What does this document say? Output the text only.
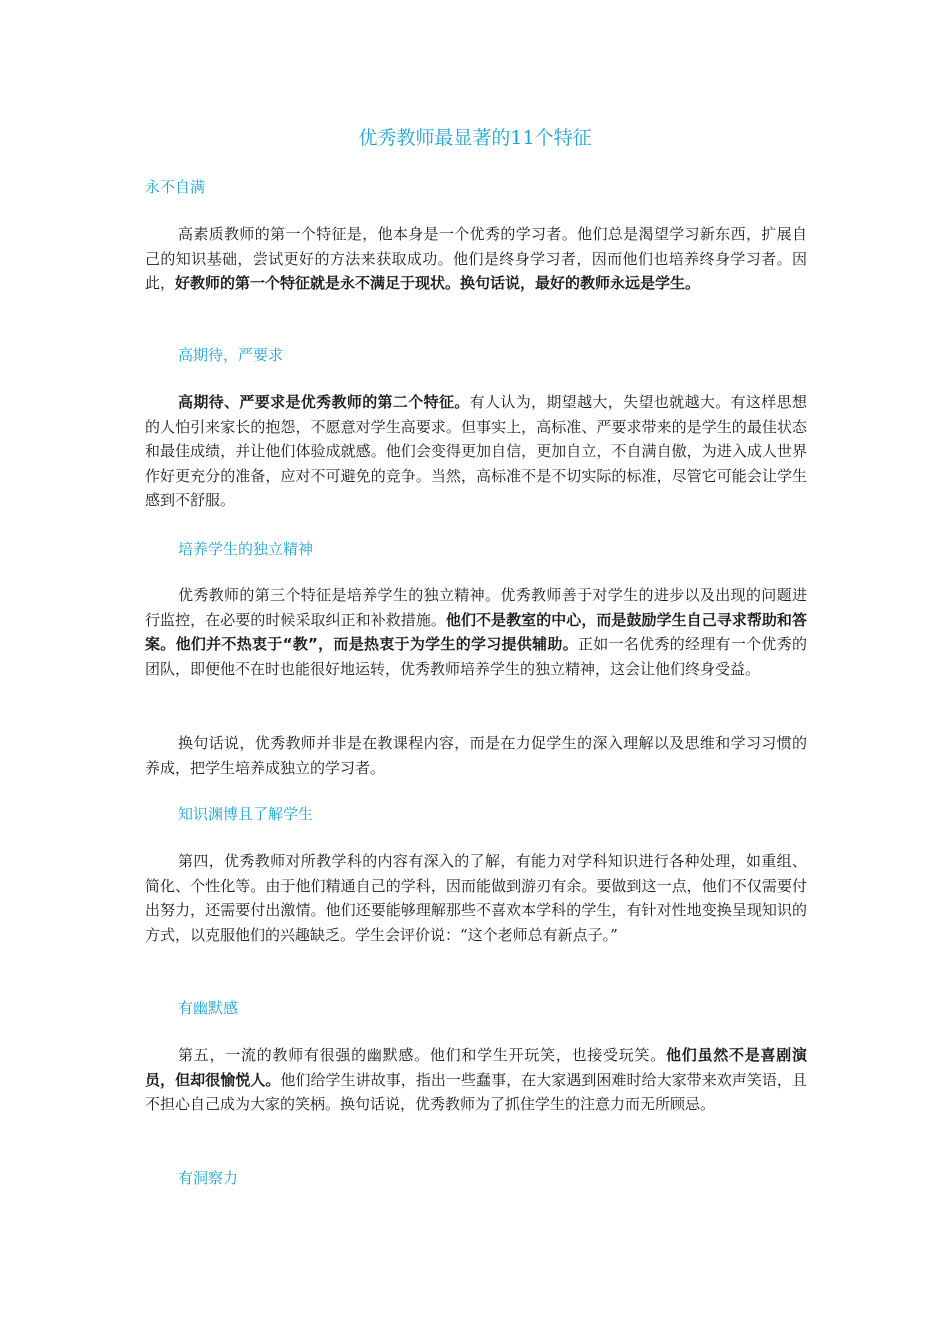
优秀教师最显著的11个特征
永不自满

高素质教师的第一个特征是，他本身是一个优秀的学习者。他们总是渴望学习新东西，扩展自己的知识基础，尝试更好的方法来获取成功。他们是终身学习者，因而他们也培养终身学习者。因此，好教师的第一个特征就是永不满足于现状。换句话说，最好的教师永远是学生。

高期待，严要求

高期待、严要求是优秀教师的第二个特征。有人认为，期望越大，失望也就越大。有这样思想的人怕引来家长的抱怨，不愿意对学生高要求。但事实上，高标准、严要求带来的是学生的最佳状态和最佳成绩，并让他们体验成就感。他们会变得更加自信，更加自立，不自满自傲，为进入成人世界作好更充分的准备，应对不可避免的竞争。当然，高标准不是不切实际的标准，尽管它可能会让学生感到不舒服。

培养学生的独立精神

优秀教师的第三个特征是培养学生的独立精神。优秀教师善于对学生的进步以及出现的问题进行监控，在必要的时候采取纠正和补救措施。他们不是教室的中心，而是鼓励学生自己寻求帮助和答案。他们并不热衷于“教”，而是热衷于为学生的学习提供辅助。正如一名优秀的经理有一个优秀的团队，即便他不在时也能很好地运转，优秀教师培养学生的独立精神，这会让他们终身受益。

换句话说，优秀教师并非是在教课程内容，而是在力促学生的深入理解以及思维和学习习惯的养成，把学生培养成独立的学习者。

知识渊博且了解学生

第四，优秀教师对所教学科的内容有深入的了解，有能力对学科知识进行各种处理，如重组、简化、个性化等。由于他们精通自己的学科，因而能做到游刃有余。要做到这一点，他们不仅需要付出努力，还需要付出激情。他们还要能够理解那些不喜欢本学科的学生，有针对性地变换呈现知识的方式，以克服他们的兴趣缺乏。学生会评价说：“这个老师总有新点子。”

有幽默感

第五，一流的教师有很强的幽默感。他们和学生开玩笑，也接受玩笑。他们虽然不是喜剧演员，但却很愉悦人。他们给学生讲故事，指出一些蠢事，在大家遇到困难时给大家带来欢声笑语，且不担心自己成为大家的笑柄。换句话说，优秀教师为了抓住学生的注意力而无所顾忌。

有洞察力
